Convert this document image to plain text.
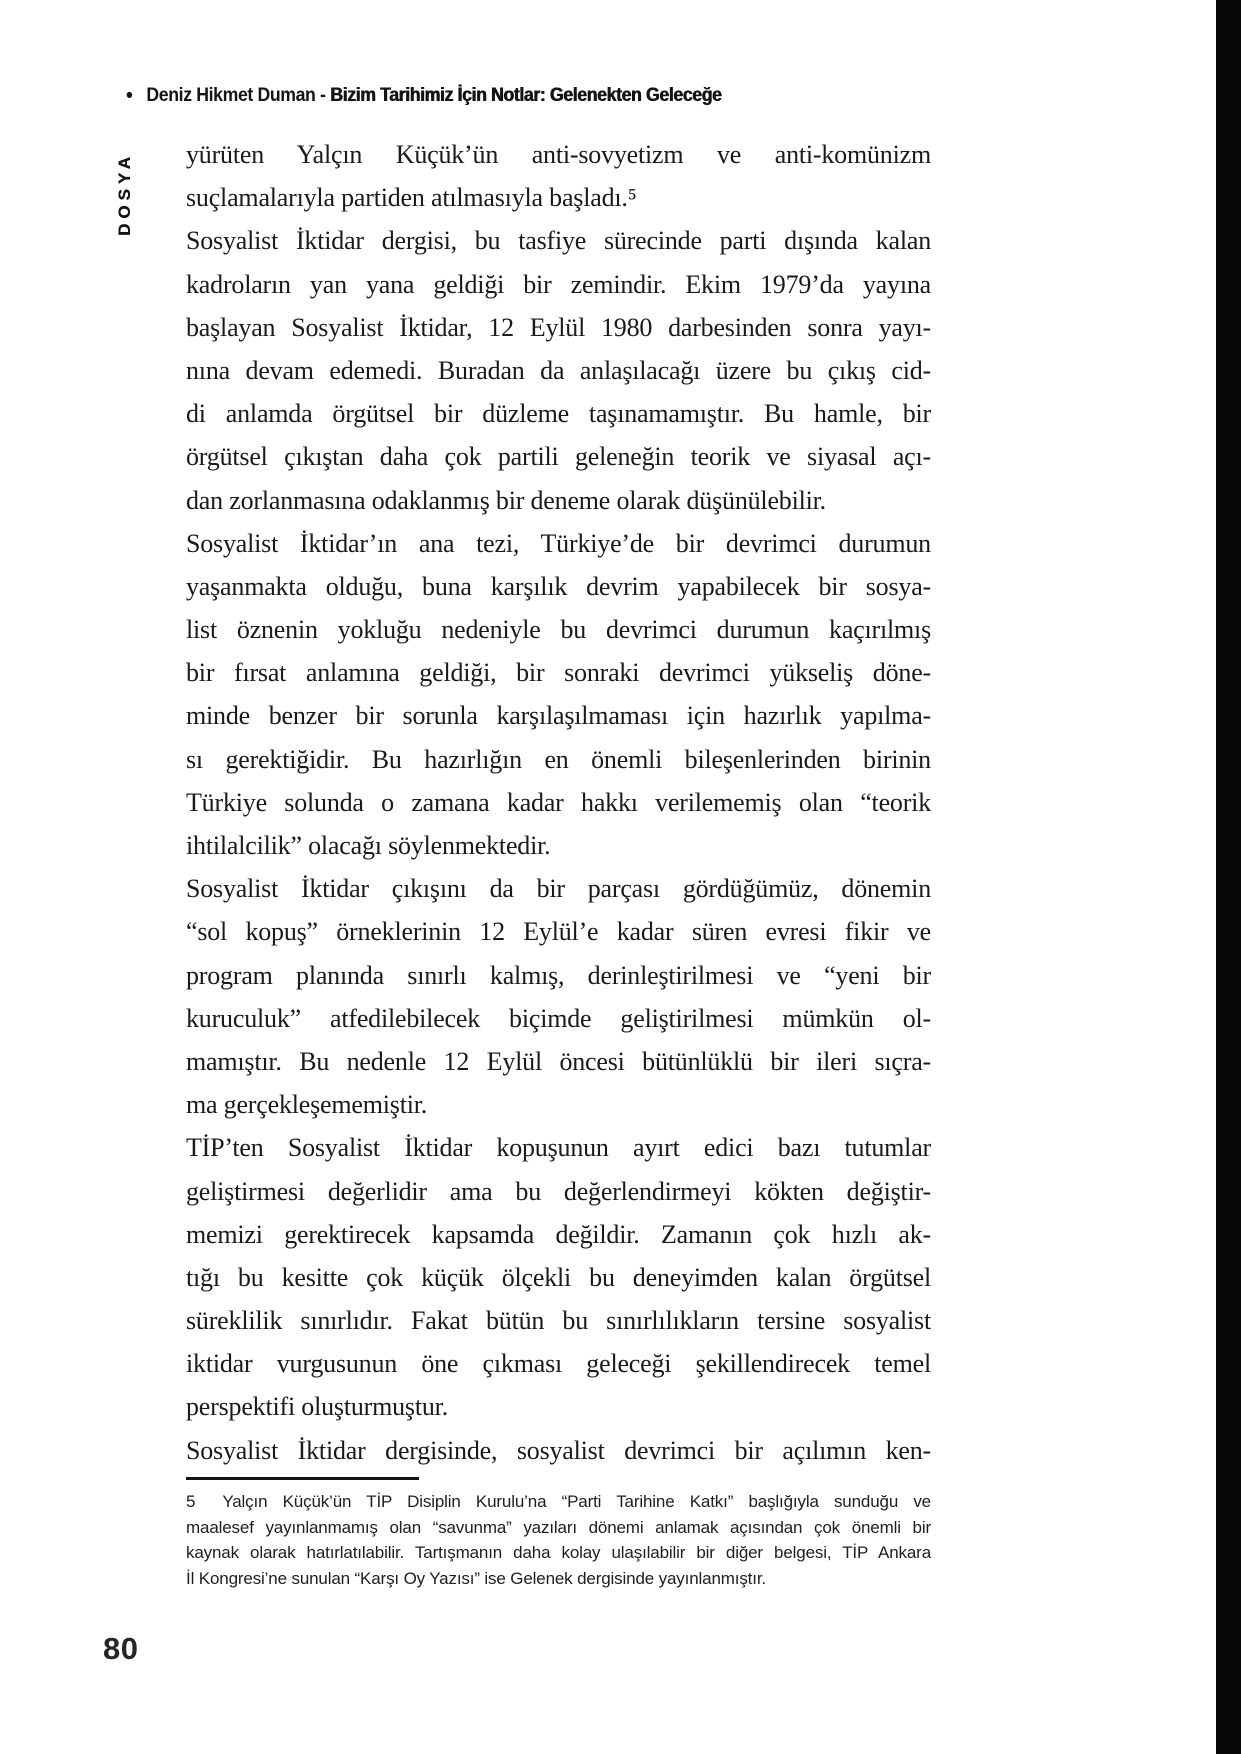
• Deniz Hikmet Duman - Bizim Tarihimiz İçin Notlar: Gelenekten Geleceğe
DOSYA yürüten Yalçın Küçük’ün anti-sovyetizm ve anti-komünizm
suçlamalarıyla partiden atılmasıyla başladı.⁵
Sosyalist İktidar dergisi, bu tasfiye sürecinde parti dışında kalan
kadroların yan yana geldiği bir zemindir. Ekim 1979’da yayına
başlayan Sosyalist İktidar, 12 Eylül 1980 darbesinden sonra yayı-
nına devam edemedi. Buradan da anlaşılacağı üzere bu çıkış cid-
di anlamda örgütsel bir düzleme taşınamamıştır. Bu hamle, bir
örgütsel çıkıştan daha çok partili geleneğin teorik ve siyasal açı-
dan zorlanmasına odaklanmış bir deneme olarak düşünülebilir.
Sosyalist İktidar’ın ana tezi, Türkiye’de bir devrimci durumun
yaşanmakta olduğu, buna karşılık devrim yapabilecek bir sosya-
list öznenin yokluğu nedeniyle bu devrimci durumun kaçırılmış
bir fırsat anlamına geldiği, bir sonraki devrimci yükseliş döne-
minde benzer bir sorunla karşılaşılmaması için hazırlık yapılma-
sı gerektiğidir. Bu hazırlığın en önemli bileşenlerinden birinin
Türkiye solunda o zamana kadar hakkı verilememiş olan “teorik
ihtilalcilik” olacağı söylenmektedir.
Sosyalist İktidar çıkışını da bir parçası gördüğümüz, dönemin
“sol kopuş” örneklerinin 12 Eylül’e kadar süren evresi fikir ve
program planında sınırlı kalmış, derinleştirilmesi ve “yeni bir
kuruculuk” atfedilebilecek biçimde geliştirilmesi mümkün ol-
mamıştır. Bu nedenle 12 Eylül öncesi bütünlüklü bir ileri sıçra-
ma gerçekleşememiştir.
TİP’ten Sosyalist İktidar kopuşunun ayırt edici bazı tutumlar
geliştirmesi değerlidir ama bu değerlendirmeyi kökten değiştir-
memizi gerektirecek kapsamda değildir. Zamanın çok hızlı ak-
tığı bu kesitte çok küçük ölçekli bu deneyimden kalan örgütsel
süreklilik sınırlıdır. Fakat bütün bu sınırlılıkların tersine sosyalist
iktidar vurgusunun öne çıkması geleceği şekillendirecek temel
perspektifi oluşturmuştur.
Sosyalist İktidar dergisinde, sosyalist devrimci bir açılımın ken-
5 Yalçın Küçük’ün TİP Disiplin Kurulu’na “Parti Tarihine Katkı” başlığıyla sunduğu ve
maalesef yayınlanmamış olan “savunma” yazıları dönemi anlamak açısından çok önemli bir
kaynak olarak hatırlatılabilir. Tartışmanın daha kolay ulaşılabilir bir diğer belgesi, TİP Ankara
İl Kongresi’ne sunulan “Karşı Oy Yazısı” ise Gelenek dergisinde yayınlanmıştır.
80
